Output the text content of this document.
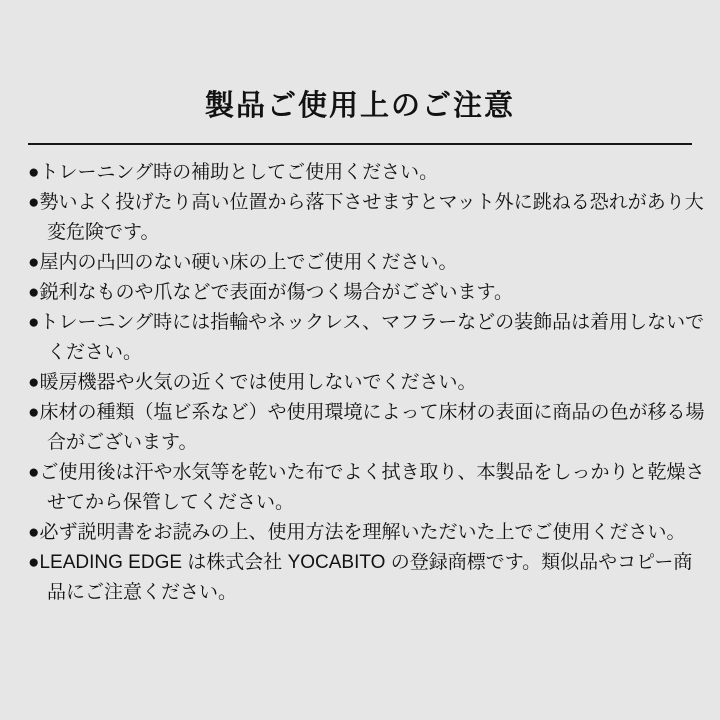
製品ご使用上のご注意
●トレーニング時の補助としてご使用ください。
●勢いよく投げたり高い位置から落下させますとマット外に跳ねる恐れがあり大変危険です。
●屋内の凸凹のない硬い床の上でご使用ください。
●鋭利なものや爪などで表面が傷つく場合がございます。
●トレーニング時には指輪やネックレス、マフラーなどの装飾品は着用しないでください。
●暖房機器や火気の近くでは使用しないでください。
●床材の種類（塩ビ系など）や使用環境によって床材の表面に商品の色が移る場合がございます。
●ご使用後は汗や水気等を乾いた布でよく拭き取り、本製品をしっかりと乾燥させてから保管してください。
●必ず説明書をお読みの上、使用方法を理解いただいた上でご使用ください。
●LEADING EDGE は株式会社 YOCABITO の登録商標です。類似品やコピー商品にご注意ください。
